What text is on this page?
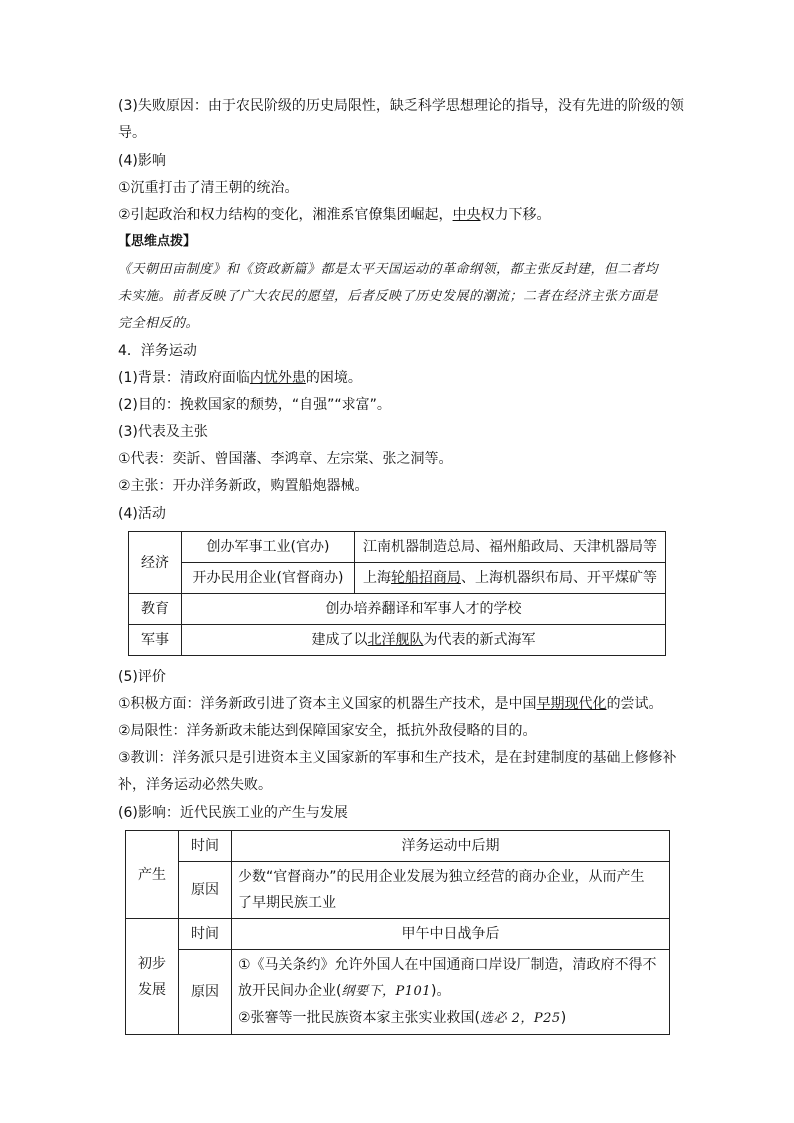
(3)失败原因：由于农民阶级的历史局限性，缺乏科学思想理论的指导，没有先进的阶级的领
导。
(4)影响
①沉重打击了清王朝的统治。
②引起政治和权力结构的变化，湘淮系官僚集团崛起，中央权力下移。
【思维点拨】
《天朝田亩制度》和《资政新篇》都是太平天国运动的革命纲领，都主张反封建，但二者均
未实施。前者反映了广大农民的愿望，后者反映了历史发展的潮流；二者在经济主张方面是
完全相反的。
4．洋务运动
(1)背景：清政府面临内忧外患的困境。
(2)目的：挽救国家的颓势，“自强”“求富”。
(3)代表及主张
①代表：奕訢、曾国藩、李鸿章、左宗棠、张之洞等。
②主张：开办洋务新政，购置船炮器械。
(4)活动
经济	创办军事工业(官办)	江南机器制造总局、福州船政局、天津机器局等
	开办民用企业(官督商办)	上海轮船招商局、上海机器织布局、开平煤矿等
教育	创办培养翻译和军事人才的学校	
军事	建成了以北洋舰队为代表的新式海军	
(5)评价
①积极方面：洋务新政引进了资本主义国家的机器生产技术，是中国早期现代化的尝试。
②局限性：洋务新政未能达到保障国家安全，抵抗外敌侵略的目的。
③教训：洋务派只是引进资本主义国家新的军事和生产技术，是在封建制度的基础上修修补
补，洋务运动必然失败。
(6)影响：近代民族工业的产生与发展
产生	时间	洋务运动中后期
	原因	少数“官督商办”的民用企业发展为独立经营的商办企业，从而产生
了早期民族工业

初步
发展	时间	甲午中日战争后
	原因	①《马关条约》允许外国人在中国通商口岸设厂制造，清政府不得不
放开民间办企业(纲要下，P101)。
②张謇等一批民族资本家主张实业救国(选必 2，P25)
